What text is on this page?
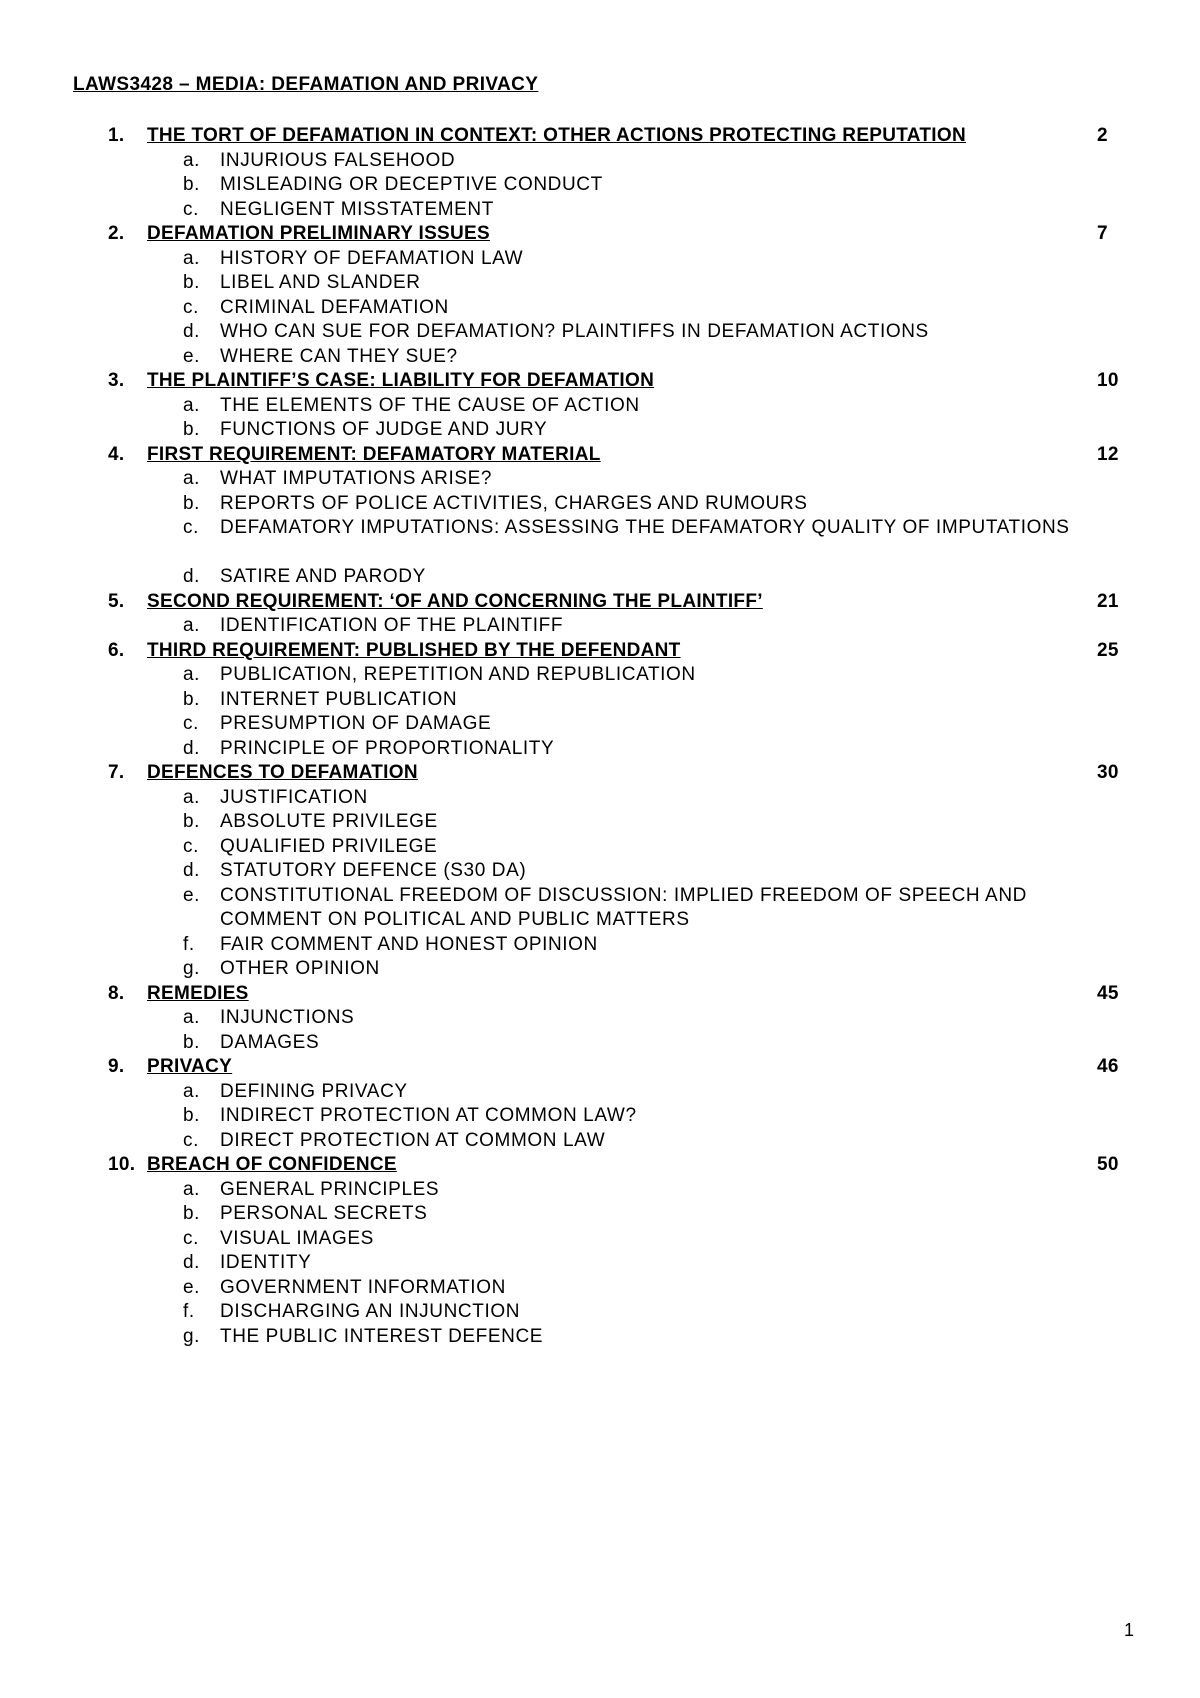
LAWS3428 – MEDIA: DEFAMATION AND PRIVACY
1. THE TORT OF DEFAMATION IN CONTEXT: OTHER ACTIONS PROTECTING REPUTATION	2
a. INJURIOUS FALSEHOOD
b. MISLEADING OR DECEPTIVE CONDUCT
c. NEGLIGENT MISSTATEMENT
2. DEFAMATION PRELIMINARY ISSUES	7
a. HISTORY OF DEFAMATION LAW
b. LIBEL AND SLANDER
c. CRIMINAL DEFAMATION
d. WHO CAN SUE FOR DEFAMATION? PLAINTIFFS IN DEFAMATION ACTIONS
e. WHERE CAN THEY SUE?
3. THE PLAINTIFF’S CASE: LIABILITY FOR DEFAMATION	10
a. THE ELEMENTS OF THE CAUSE OF ACTION
b. FUNCTIONS OF JUDGE AND JURY
4. FIRST REQUIREMENT: DEFAMATORY MATERIAL	12
a. WHAT IMPUTATIONS ARISE?
b. REPORTS OF POLICE ACTIVITIES, CHARGES AND RUMOURS
c. DEFAMATORY IMPUTATIONS: ASSESSING THE DEFAMATORY QUALITY OF IMPUTATIONS
d. SATIRE AND PARODY
5. SECOND REQUIREMENT: ‘OF AND CONCERNING THE PLAINTIFF’	21
a. IDENTIFICATION OF THE PLAINTIFF
6. THIRD REQUIREMENT: PUBLISHED BY THE DEFENDANT	25
a. PUBLICATION, REPETITION AND REPUBLICATION
b. INTERNET PUBLICATION
c. PRESUMPTION OF DAMAGE
d. PRINCIPLE OF PROPORTIONALITY
7. DEFENCES TO DEFAMATION	30
a. JUSTIFICATION
b. ABSOLUTE PRIVILEGE
c. QUALIFIED PRIVILEGE
d. STATUTORY DEFENCE (S30 DA)
e. CONSTITUTIONAL FREEDOM OF DISCUSSION: IMPLIED FREEDOM OF SPEECH AND COMMENT ON POLITICAL AND PUBLIC MATTERS
f. FAIR COMMENT AND HONEST OPINION
g. OTHER OPINION
8. REMEDIES	45
a. INJUNCTIONS
b. DAMAGES
9. PRIVACY	46
a. DEFINING PRIVACY
b. INDIRECT PROTECTION AT COMMON LAW?
c. DIRECT PROTECTION AT COMMON LAW
10. BREACH OF CONFIDENCE	50
a. GENERAL PRINCIPLES
b. PERSONAL SECRETS
c. VISUAL IMAGES
d. IDENTITY
e. GOVERNMENT INFORMATION
f. DISCHARGING AN INJUNCTION
g. THE PUBLIC INTEREST DEFENCE
1
